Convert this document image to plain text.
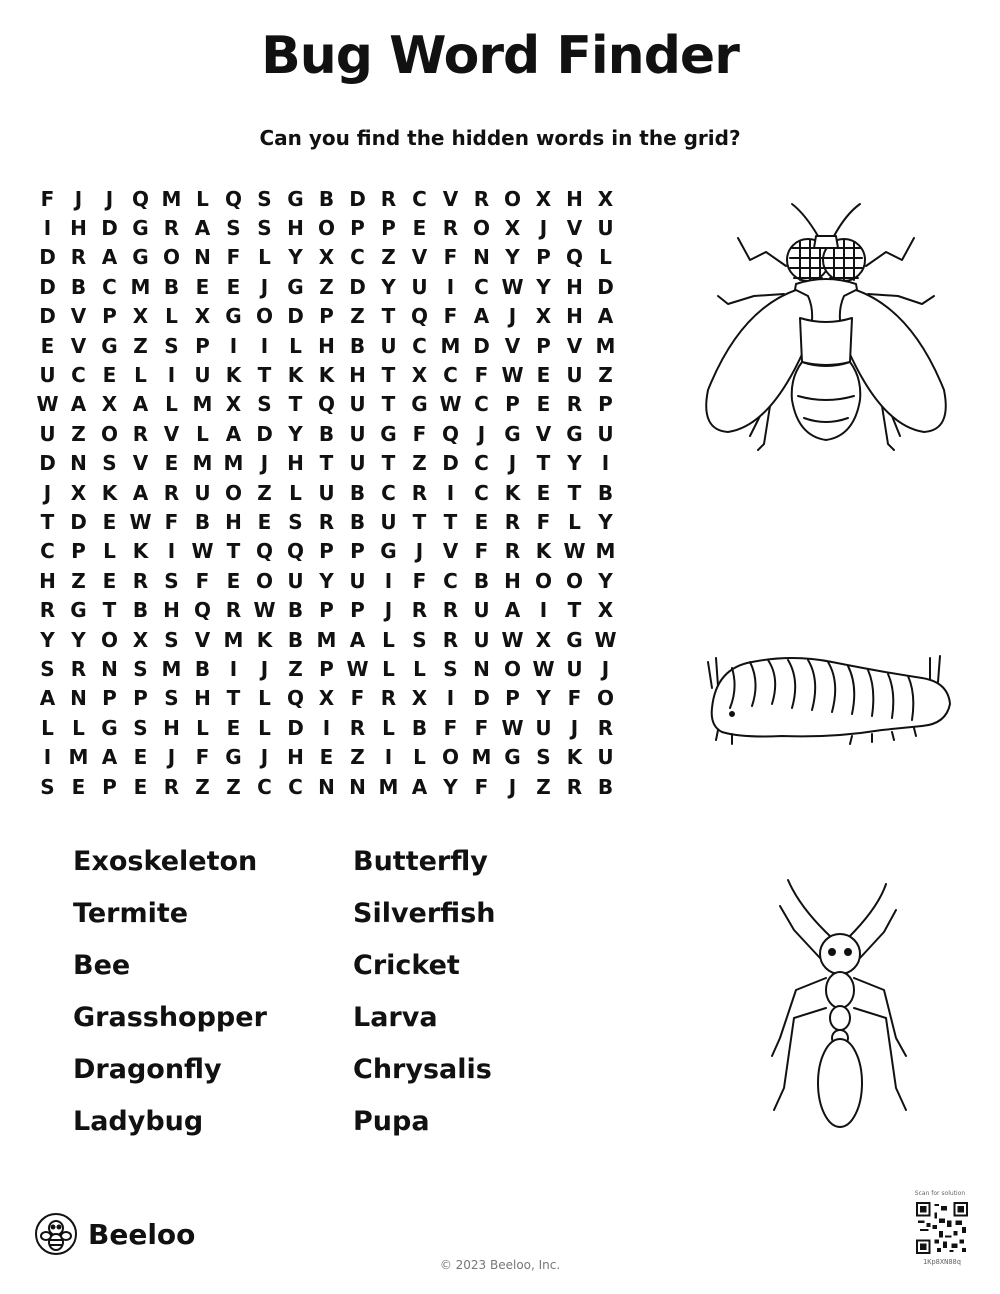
Bug Word Finder
Can you find the hidden words in the grid?
F	J	J Q M L Q S G B D R C V R O X H X
I H D G R A S S H O P P E R O X J V U
D R A G O N F L Y X C Z V F N Y P Q L
D B C M B E E	J G Z D Y U I C W Y H D
D V P X L X G O D P Z T Q F A J X H A
E V G Z S P I	I	L H B U C M D V P V M
U C E L	I U K T K K H T X C F W E U Z
W A X A L M X S T Q U T G W C P E R P
U Z O R V L A D Y B U G F Q J G V G U
D N S V E M M J H T U T Z D C J	T Y	I
J X K A R U O Z L U B C R I C K E T B
T D E W F B H E S R B U T T E R F L Y
C P L K I W T Q Q P P G J V F R K W M
H Z E R S F E O U Y U I	F C B H O O Y
R G T B H Q R W B P P J R R U A I	T X
Y Y O X S V M K B M A L S R U W X G W
S R N S M B I	J	Z P W L L S N O W U J
A N P P S H T L Q X F R X I D P Y F O
L L G S H L E L D I R L B F F W U J R
I M A E	J	F G J H E Z	I	L O M G S K U
S E P E R Z Z C C N N M A Y F	J	Z R B
Exoskeleton	Butterfly
Termite	Silverfish
Bee	Cricket
Grasshopper	Larva
Dragonfly	Chrysalis
Ladybug	Pupa
Beeloo
© 2023 Beeloo, Inc.
Scan for solution
1Kp8XN88q
